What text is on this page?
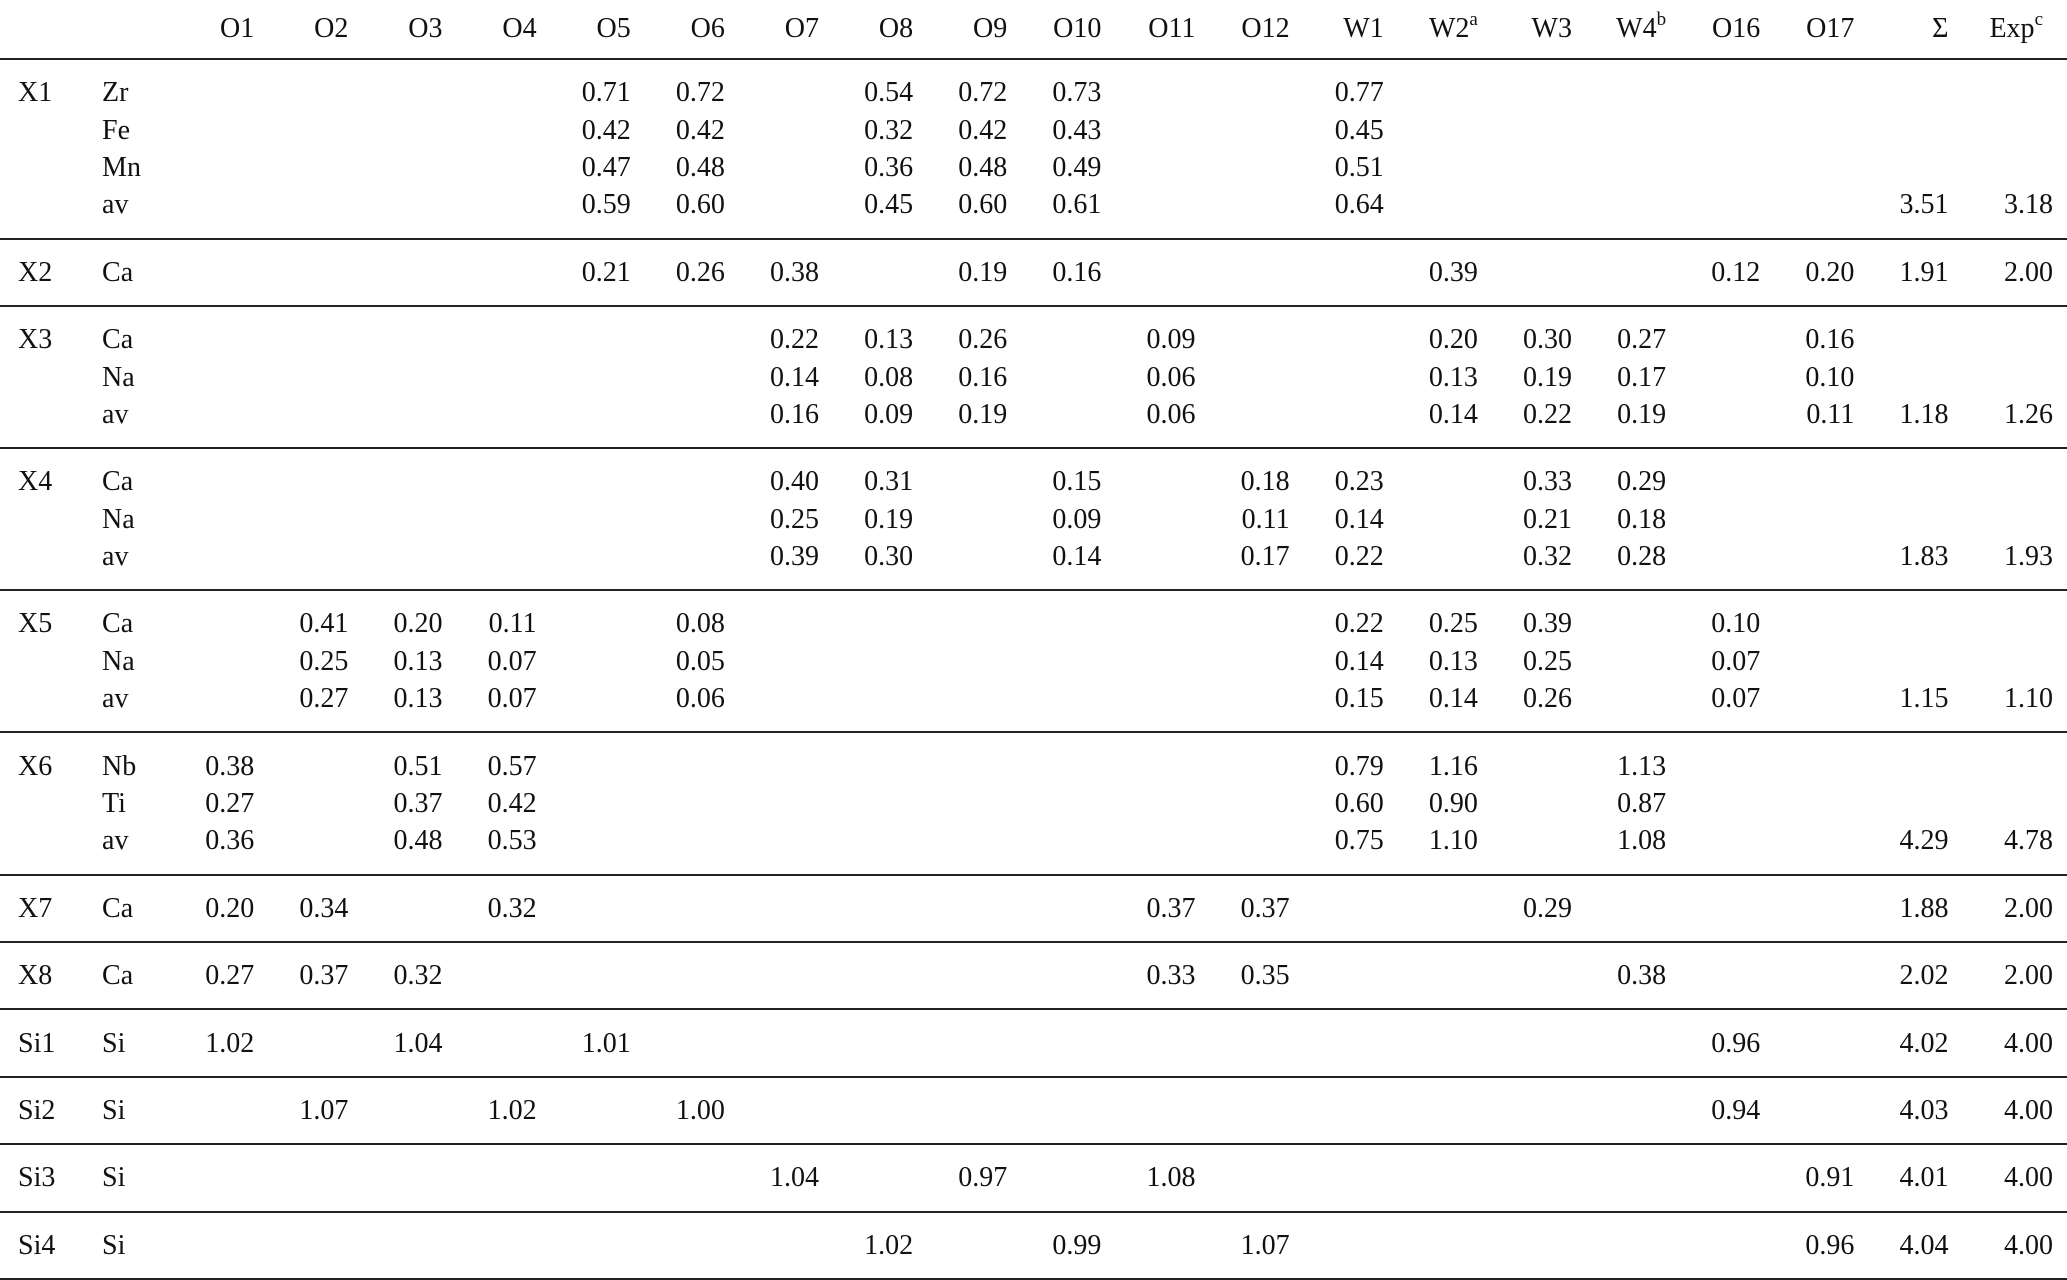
		O1	O2	O3	O4	O5	O6	O7	O8	O9	O10	O11	O12	W1	W2$^a$	W3	W4$^b$	O16	O17	Σ	Exp$^c$
X1	Zr					0.71	0.72		0.54	0.72	0.73			0.77							
	Fe					0.42	0.42		0.32	0.42	0.43			0.45							
	Mn					0.47	0.48		0.36	0.48	0.49			0.51							
	av					0.59	0.60		0.45	0.60	0.61			0.64						3.51	3.18
X2	Ca					0.21	0.26	0.38		0.19	0.16				0.39			0.12	0.20	1.91	2.00
X3	Ca							0.22	0.13	0.26		0.09			0.20	0.30	0.27		0.16		
	Na							0.14	0.08	0.16		0.06			0.13	0.19	0.17		0.10		
	av							0.16	0.09	0.19		0.06			0.14	0.22	0.19		0.11	1.18	1.26
X4	Ca							0.40	0.31		0.15		0.18	0.23		0.33	0.29				
	Na							0.25	0.19		0.09		0.11	0.14		0.21	0.18				
	av							0.39	0.30		0.14		0.17	0.22		0.32	0.28			1.83	1.93
X5	Ca		0.41	0.20	0.11		0.08							0.22	0.25	0.39		0.10			
	Na		0.25	0.13	0.07		0.05							0.14	0.13	0.25		0.07			
	av		0.27	0.13	0.07		0.06							0.15	0.14	0.26		0.07		1.15	1.10
X6	Nb	0.38		0.51	0.57									0.79	1.16		1.13				
	Ti	0.27		0.37	0.42									0.60	0.90		0.87				
	av	0.36		0.48	0.53									0.75	1.10		1.08			4.29	4.78
X7	Ca	0.20	0.34		0.32							0.37	0.37			0.29				1.88	2.00
X8	Ca	0.27	0.37	0.32								0.33	0.35				0.38			2.02	2.00
Si1	Si	1.02		1.04		1.01												0.96		4.02	4.00
Si2	Si		1.07		1.02		1.00											0.94		4.03	4.00
Si3	Si							1.04		0.97		1.08							0.91	4.01	4.00
Si4	Si								1.02		0.99		1.07						0.96	4.04	4.00
